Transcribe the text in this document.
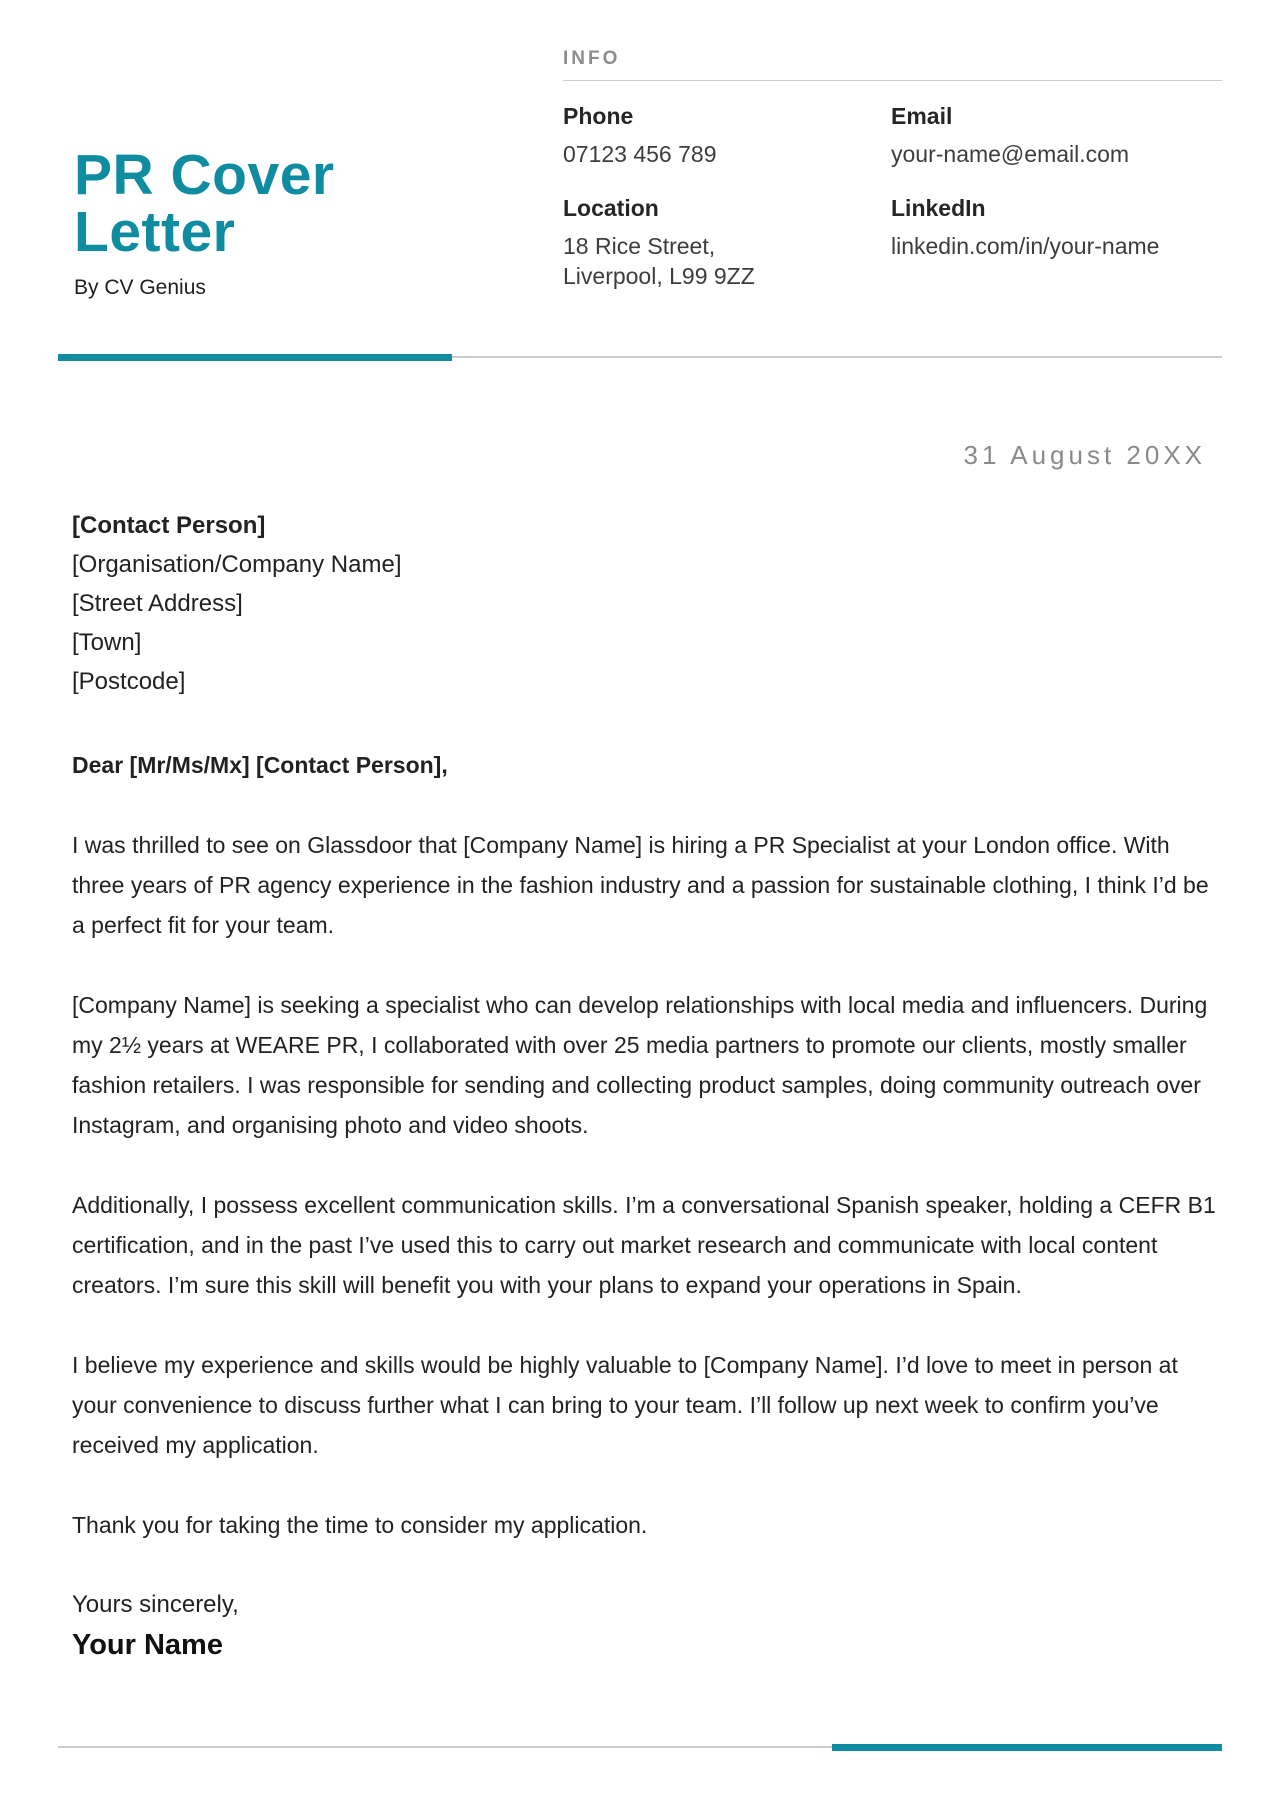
PR Cover Letter
By CV Genius
INFO
Phone
07123 456 789
Email
your-name@email.com
Location
18 Rice Street,
Liverpool, L99 9ZZ
LinkedIn
linkedin.com/in/your-name
31 August 20XX
[Contact Person]
[Organisation/Company Name]
[Street Address]
[Town]
[Postcode]

Dear [Mr/Ms/Mx] [Contact Person],

I was thrilled to see on Glassdoor that [Company Name] is hiring a PR Specialist at your London office. With three years of PR agency experience in the fashion industry and a passion for sustainable clothing, I think I’d be a perfect fit for your team.

[Company Name] is seeking a specialist who can develop relationships with local media and influencers. During my 2½ years at WEARE PR, I collaborated with over 25 media partners to promote our clients, mostly smaller fashion retailers. I was responsible for sending and collecting product samples, doing community outreach over Instagram, and organising photo and video shoots.

Additionally, I possess excellent communication skills. I’m a conversational Spanish speaker, holding a CEFR B1 certification, and in the past I’ve used this to carry out market research and communicate with local content creators. I’m sure this skill will benefit you with your plans to expand your operations in Spain.

I believe my experience and skills would be highly valuable to [Company Name]. I’d love to meet in person at your convenience to discuss further what I can bring to your team. I’ll follow up next week to confirm you’ve received my application.

Thank you for taking the time to consider my application.

Yours sincerely,

Your Name
